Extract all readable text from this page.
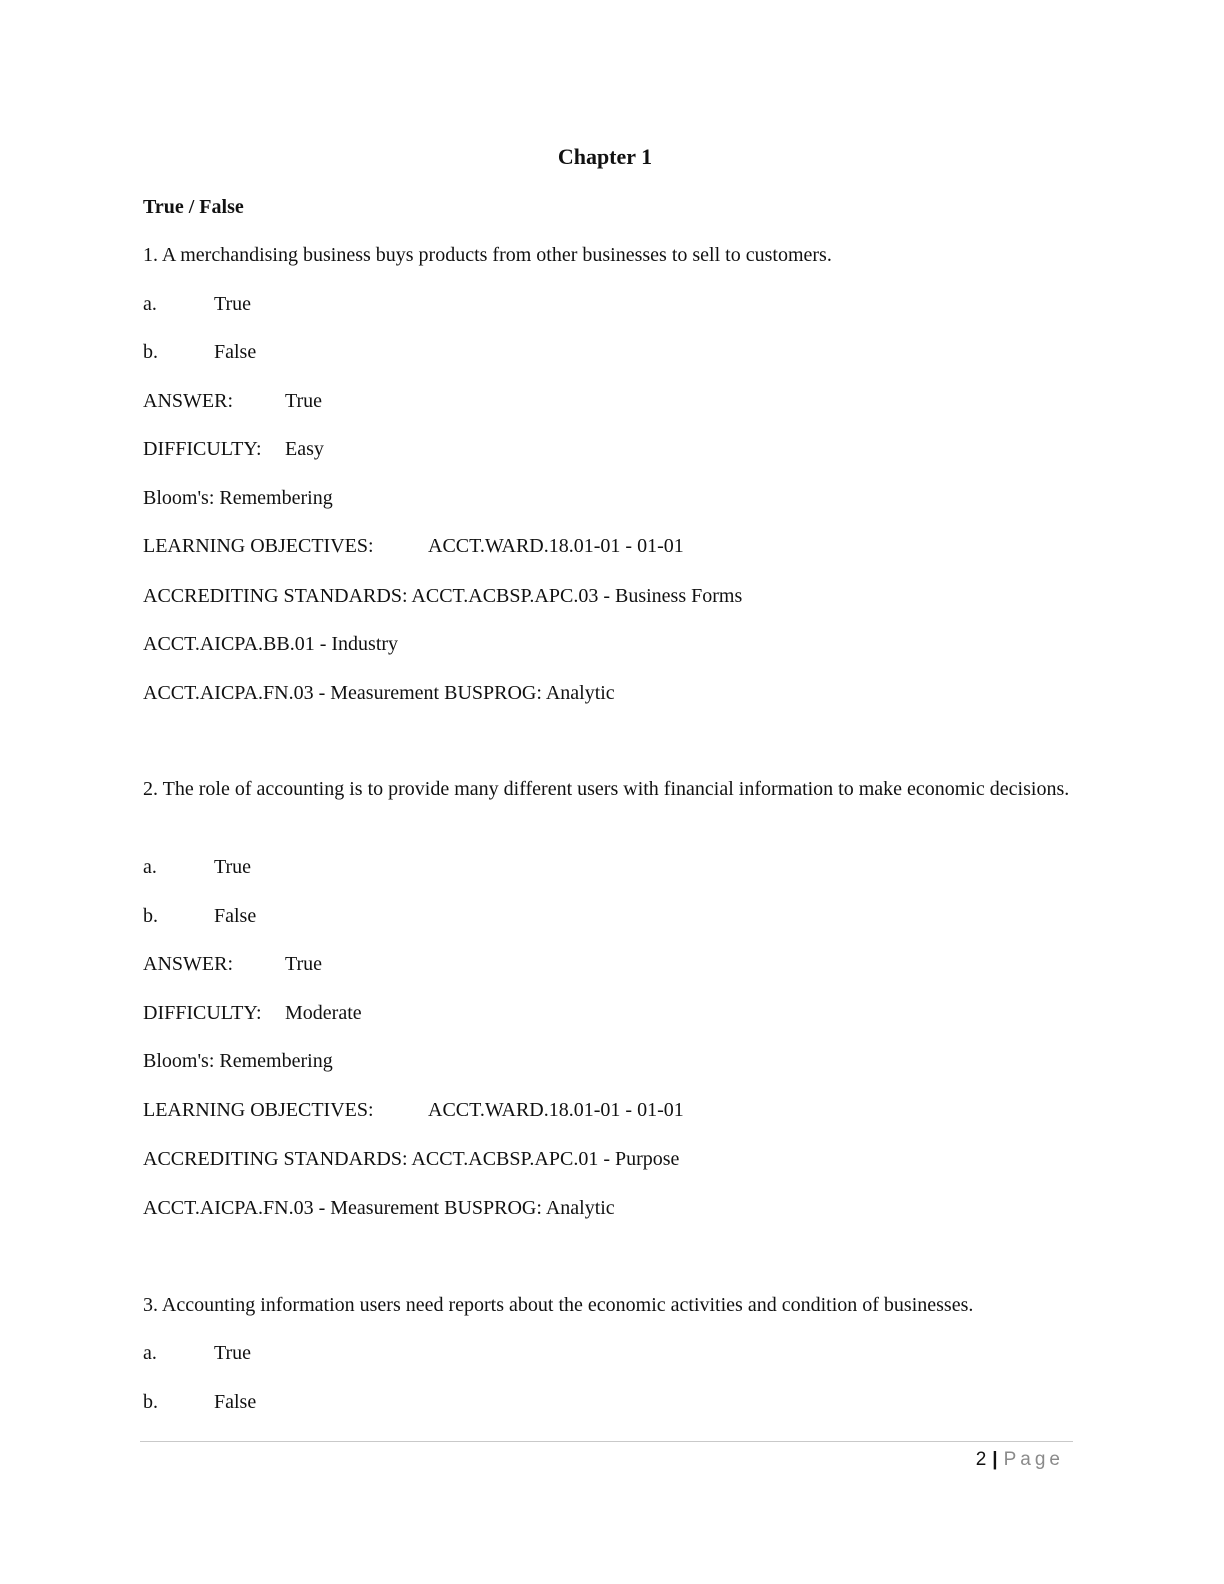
Chapter 1
True / False
1. A merchandising business buys products from other businesses to sell to customers.
a.	True
b.	False
ANSWER:	True
DIFFICULTY: Easy
Bloom's: Remembering
LEARNING OBJECTIVES:	ACCT.WARD.18.01-01 - 01-01
ACCREDITING STANDARDS: ACCT.ACBSP.APC.03 - Business Forms
ACCT.AICPA.BB.01 - Industry
ACCT.AICPA.FN.03 - Measurement BUSPROG: Analytic
2. The role of accounting is to provide many different users with financial information to make economic decisions.
a.	True
b.	False
ANSWER:	True
DIFFICULTY: Moderate
Bloom's: Remembering
LEARNING OBJECTIVES:	ACCT.WARD.18.01-01 - 01-01
ACCREDITING STANDARDS: ACCT.ACBSP.APC.01 - Purpose
ACCT.AICPA.FN.03 - Measurement BUSPROG: Analytic
3. Accounting information users need reports about the economic activities and condition of businesses.
a.	True
b.	False
2 | Page
